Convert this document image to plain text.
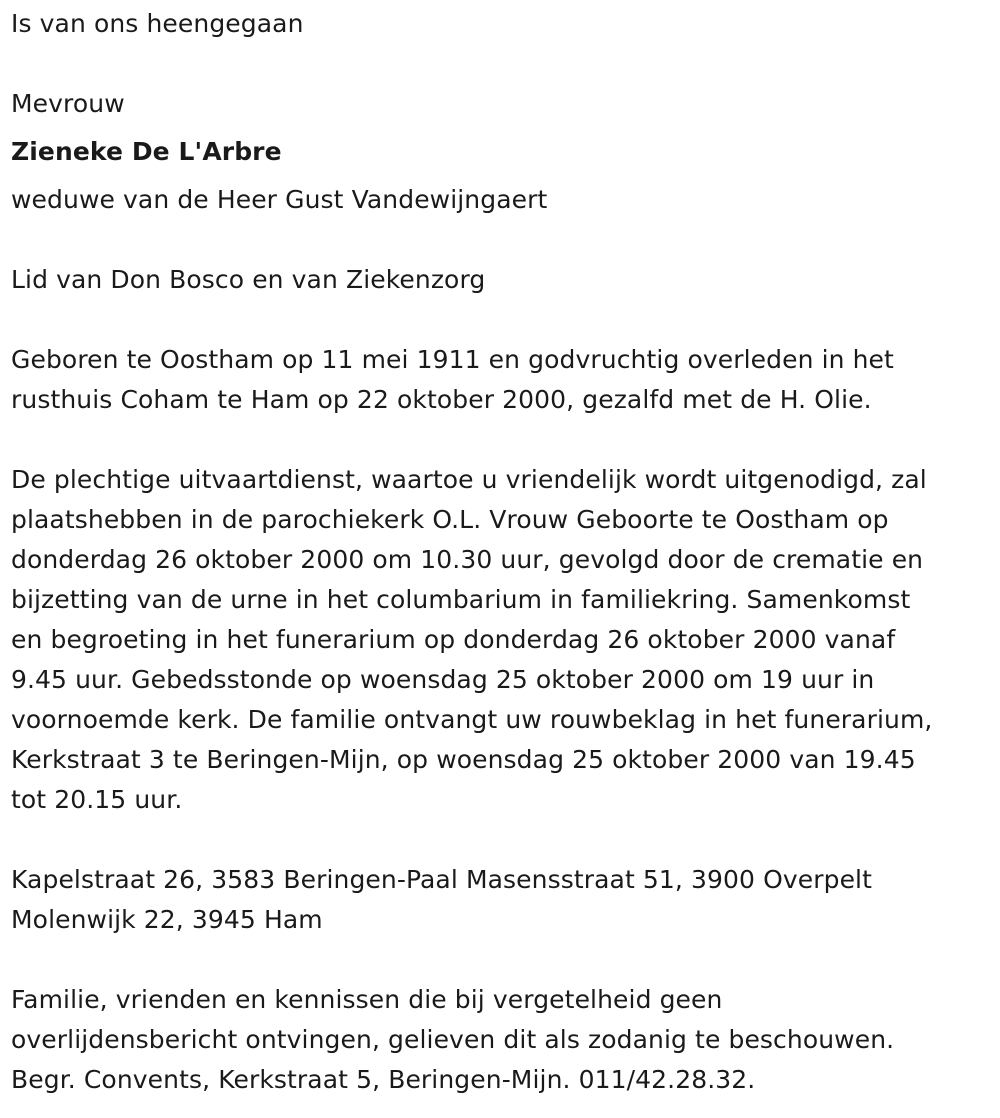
Is van ons heengegaan
Mevrouw
Zieneke De L'Arbre
weduwe van de Heer Gust Vandewijngaert
Lid van Don Bosco en van Ziekenzorg
Geboren te Oostham op 11 mei 1911 en godvruchtig overleden in het
rusthuis Coham te Ham op 22 oktober 2000, gezalfd met de H. Olie.
De plechtige uitvaartdienst, waartoe u vriendelijk wordt uitgenodigd, zal
plaatshebben in de parochiekerk O.L. Vrouw Geboorte te Oostham op
donderdag 26 oktober 2000 om 10.30 uur, gevolgd door de crematie en
bijzetting van de urne in het columbarium in familiekring. Samenkomst
en begroeting in het funerarium op donderdag 26 oktober 2000 vanaf
9.45 uur. Gebedsstonde op woensdag 25 oktober 2000 om 19 uur in
voornoemde kerk. De familie ontvangt uw rouwbeklag in het funerarium,
Kerkstraat 3 te Beringen-Mijn, op woensdag 25 oktober 2000 van 19.45
tot 20.15 uur.
Kapelstraat 26, 3583 Beringen-Paal Masensstraat 51, 3900 Overpelt
Molenwijk 22, 3945 Ham
Familie, vrienden en kennissen die bij vergetelheid geen
overlijdensbericht ontvingen, gelieven dit als zodanig te beschouwen.
Begr. Convents, Kerkstraat 5, Beringen-Mijn. 011/42.28.32.
